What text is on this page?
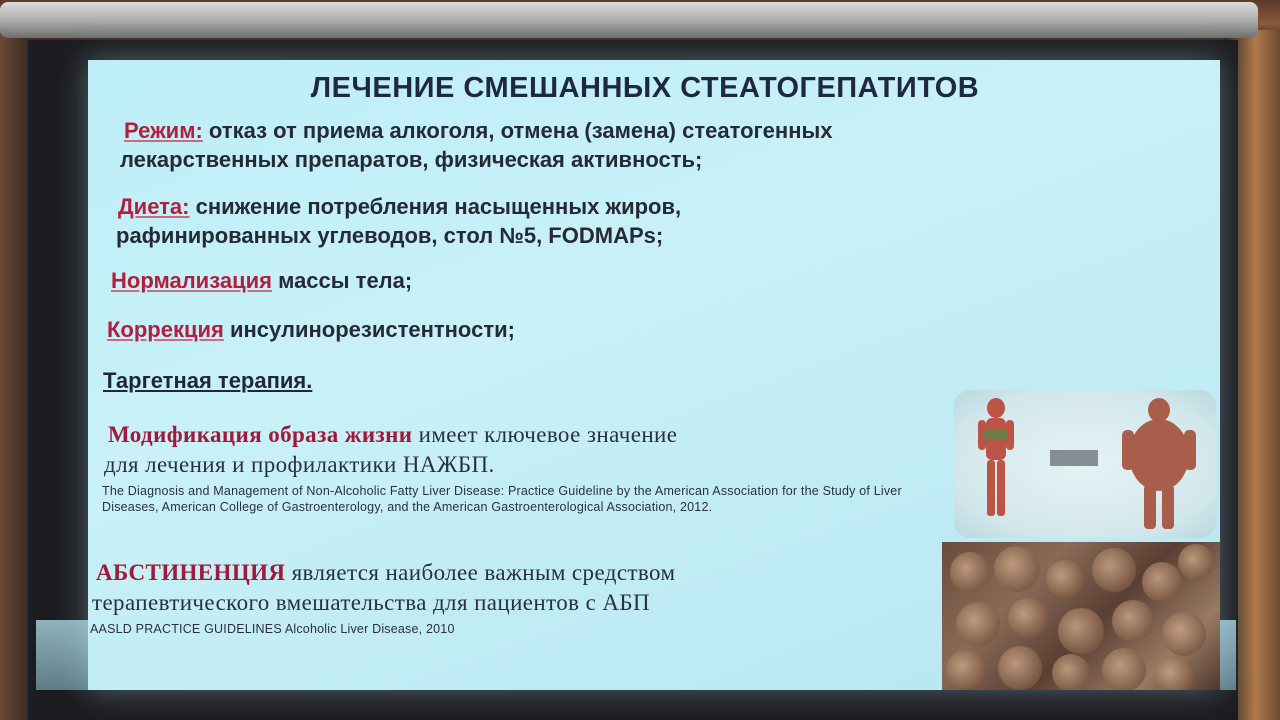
ЛЕЧЕНИЕ СМЕШАННЫХ СТЕАТОГЕПАТИТОВ
Режим: отказ от приема алкоголя, отмена (замена) стеатогенных
лекарственных препаратов, физическая активность;
Диета: снижение потребления насыщенных жиров,
рафинированных углеводов, стол №5, FODMAPs;
Нормализация массы тела;
Коррекция инсулинорезистентности;
Таргетная терапия.
Модификация образа жизни имеет ключевое значение
для лечения и профилактики НАЖБП.
The Diagnosis and Management of Non-Alcoholic Fatty Liver Disease: Practice Guideline by the American Association for the Study of Liver Diseases, American College of Gastroenterology, and the American Gastroenterological Association, 2012.
АБСТИНЕНЦИЯ является наиболее важным средством
терапевтического вмешательства для пациентов с АБП
AASLD PRACTICE GUIDELINES Alcoholic Liver Disease, 2010
